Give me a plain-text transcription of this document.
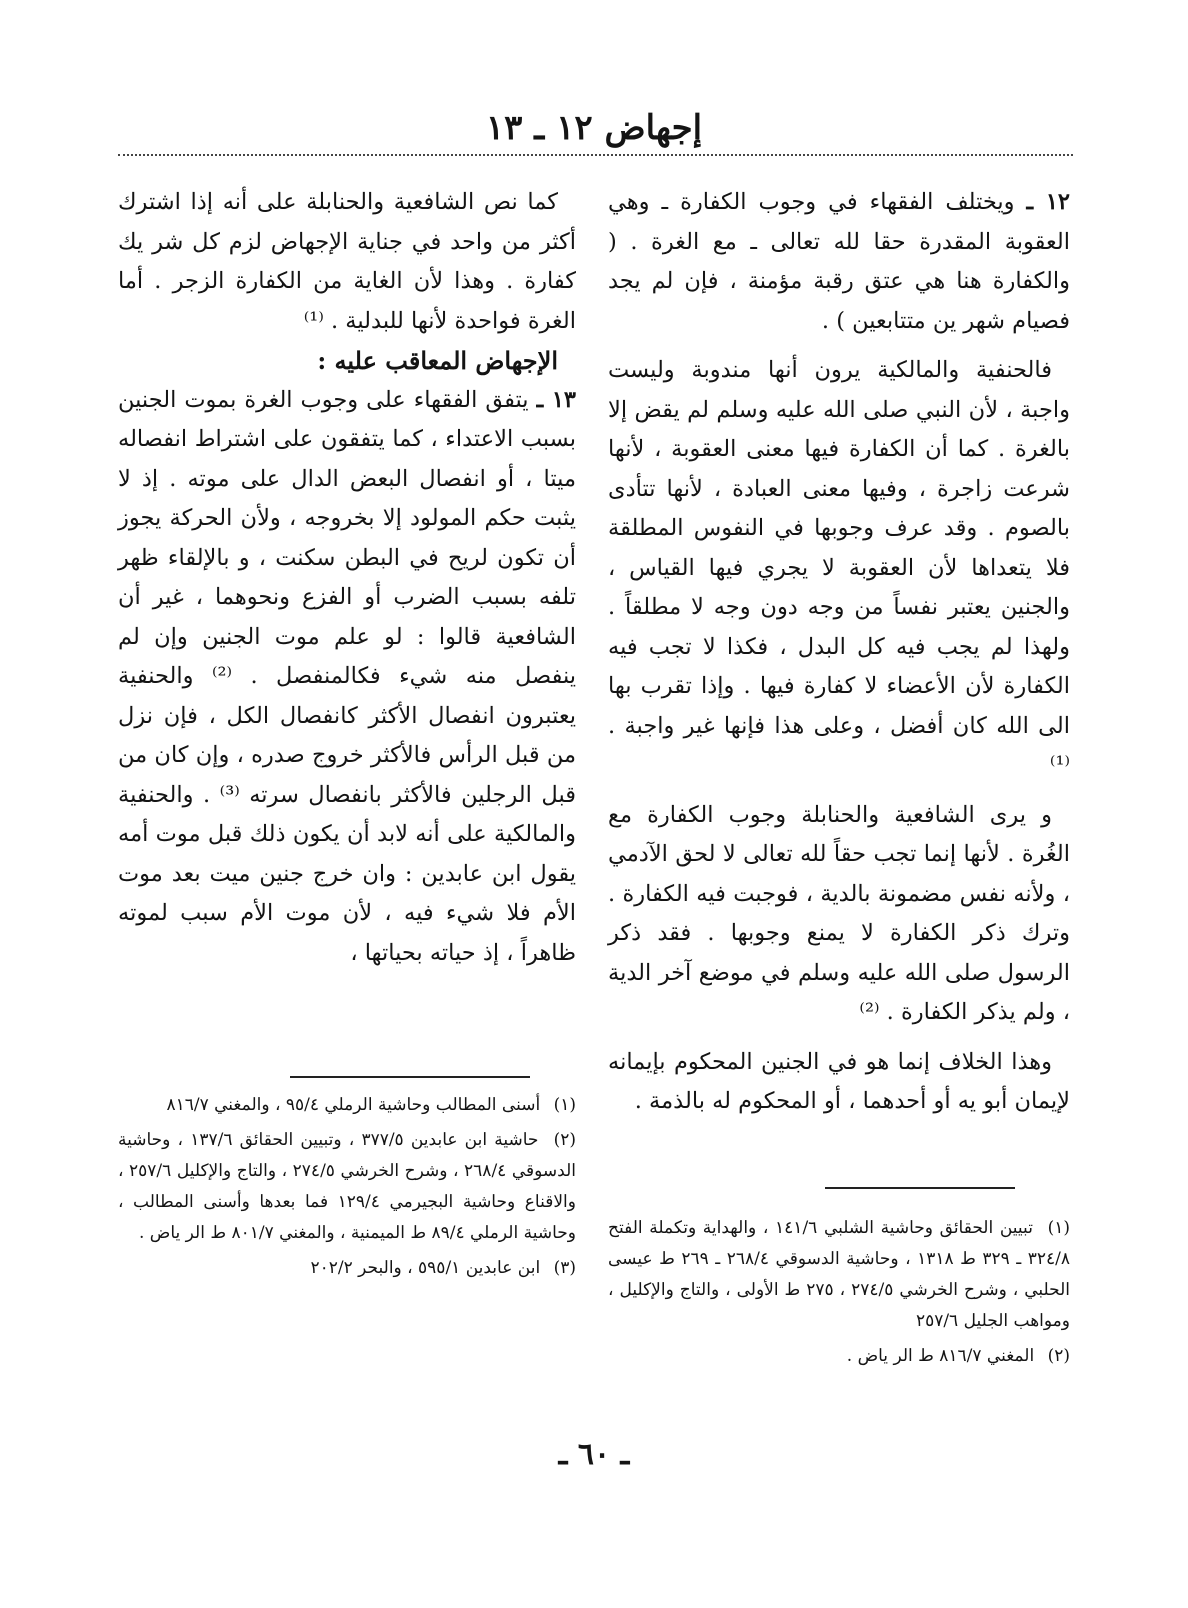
إجهاض ١٢ ـ ١٣

١٢ ـ ويختلف الفقهاء في وجوب الكفارة ـ وهي العقوبة المقدرة حقا لله تعالى ـ مع الغرة . ( والكفارة هنا هي عتق رقبة مؤمنة ، فإن لم يجد فصيام شهر ين متتابعين ) .

فالحنفية والمالكية يرون أنها مندوبة وليست واجبة ، لأن النبي صلى الله عليه وسلم لم يقض إلا بالغرة . كما أن الكفارة فيها معنى العقوبة ، لأنها شرعت زاجرة ، وفيها معنى العبادة ، لأنها تتأدى بالصوم . وقد عرف وجوبها في النفوس المطلقة فلا يتعداها لأن العقوبة لا يجري فيها القياس ، والجنين يعتبر نفساً من وجه دون وجه لا مطلقاً . ولهذا لم يجب فيه كل البدل ، فكذا لا تجب فيه الكفارة لأن الأعضاء لا كفارة فيها . وإذا تقرب بها الى الله كان أفضل ، وعلى هذا فإنها غير واجبة . ⁽¹⁾

و يرى الشافعية والحنابلة وجوب الكفارة مع الغُرة . لأنها إنما تجب حقاً لله تعالى لا لحق الآدمي ، ولأنه نفس مضمونة بالدية ، فوجبت فيه الكفارة . وترك ذكر الكفارة لا يمنع وجوبها . فقد ذكر الرسول صلى الله عليه وسلم في موضع آخر الدية ، ولم يذكر الكفارة . ⁽²⁾

وهذا الخلاف إنما هو في الجنين المحكوم بإيمانه لإيمان أبو يه أو أحدهما ، أو المحكوم له بالذمة .

كما نص الشافعية والحنابلة على أنه إذا اشترك أكثر من واحد في جناية الإجهاض لزم كل شر يك كفارة . وهذا لأن الغاية من الكفارة الزجر . أما الغرة فواحدة لأنها للبدلية . ⁽¹⁾

الإجهاض المعاقب عليه :

١٣ ـ يتفق الفقهاء على وجوب الغرة بموت الجنين بسبب الاعتداء ، كما يتفقون على اشتراط انفصاله ميتا ، أو انفصال البعض الدال على موته . إذ لا يثبت حكم المولود إلا بخروجه ، ولأن الحركة يجوز أن تكون لريح في البطن سكنت ، و بالإلقاء ظهر تلفه بسبب الضرب أو الفزع ونحوهما ، غير أن الشافعية قالوا : لو علم موت الجنين وإن لم ينفصل منه شيء فكالمنفصل . ⁽²⁾ والحنفية يعتبرون انفصال الأكثر كانفصال الكل ، فإن نزل من قبل الرأس فالأكثر خروج صدره ، وإن كان من قبل الرجلين فالأكثر بانفصال سرته ⁽³⁾ . والحنفية والمالكية على أنه لابد أن يكون ذلك قبل موت أمه يقول ابن عابدين : وان خرج جنين ميت بعد موت الأم فلا شيء فيه ، لأن موت الأم سبب لموته ظاهراً ، إذ حياته بحياتها ،

(١) تبيين الحقائق وحاشية الشلبي ١٤١/٦ ، والهداية وتكملة الفتح ٣٢٤/٨ ـ ٣٢٩ ط ١٣١٨ ، وحاشية الدسوقي ٢٦٨/٤ ـ ٢٦٩ ط عيسى الحلبي ، وشرح الخرشي ٢٧٤/٥ ، ٢٧٥ ط الأولى ، والتاج والإكليل ، ومواهب الجليل ٢٥٧/٦

(٢) المغني ٨١٦/٧ ط الر ياض .

(١) أسنى المطالب وحاشية الرملي ٩٥/٤ ، والمغني ٨١٦/٧

(٢) حاشية ابن عابدين ٣٧٧/٥ ، وتبيين الحقائق ١٣٧/٦ ، وحاشية الدسوقي ٢٦٨/٤ ، وشرح الخرشي ٢٧٤/٥ ، والتاج والإكليل ٢٥٧/٦ ، والاقناع وحاشية البجيرمي ١٢٩/٤ فما بعدها وأسنى المطالب ، وحاشية الرملي ٨٩/٤ ط الميمنية ، والمغني ٨٠١/٧ ط الر ياض .

(٣) ابن عابدين ٥٩٥/١ ، والبحر ٢٠٢/٢

ـ ٦٠ ـ
